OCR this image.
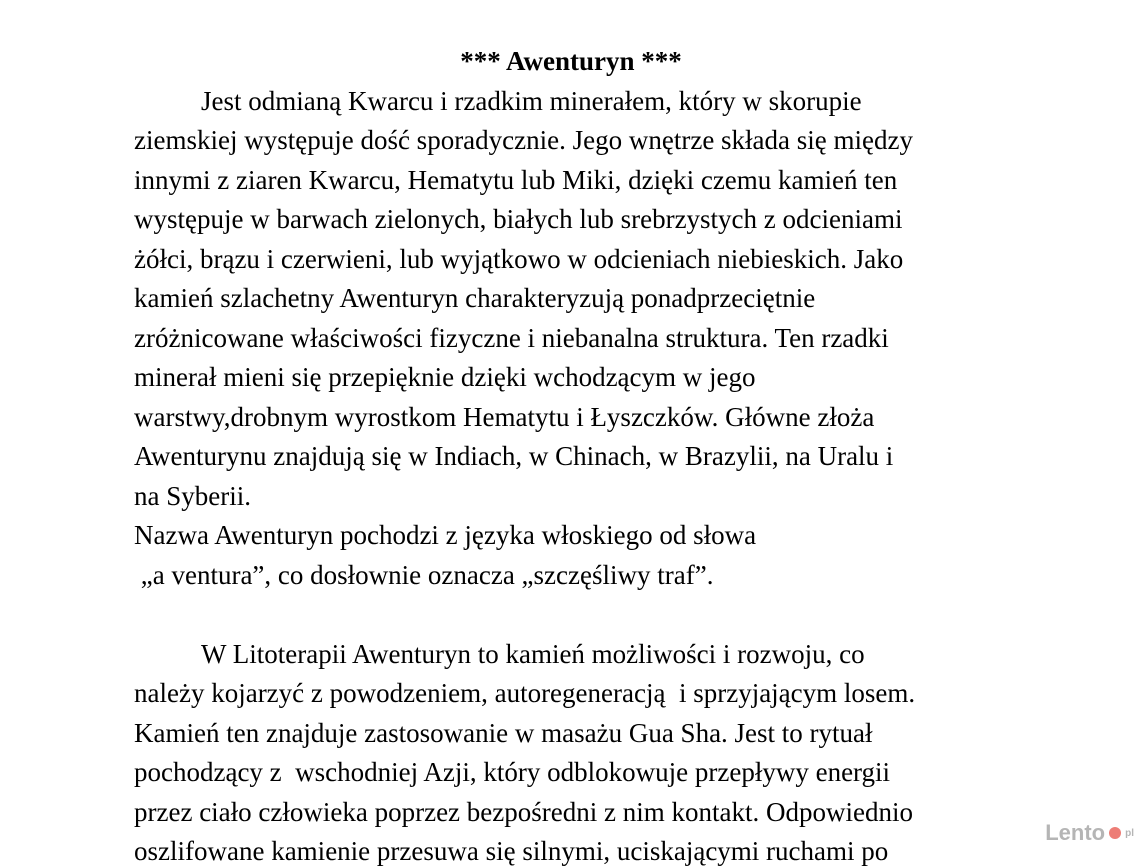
*** Awenturyn ***
Jest odmianą Kwarcu i rzadkim minerałem, który w skorupie
ziemskiej występuje dość sporadycznie. Jego wnętrze składa się między
innymi z ziaren Kwarcu, Hematytu lub Miki, dzięki czemu kamień ten
występuje w barwach zielonych, białych lub srebrzystych z odcieniami
żółci, brązu i czerwieni, lub wyjątkowo w odcieniach niebieskich. Jako
kamień szlachetny Awenturyn charakteryzują ponadprzeciętnie
zróżnicowane właściwości fizyczne i niebanalna struktura. Ten rzadki
minerał mieni się przepięknie dzięki wchodzącym w jego
warstwy,drobnym wyrostkom Hematytu i Łyszczków. Główne złoża
Awenturynu znajdują się w Indiach, w Chinach, w Brazylii, na Uralu i
na Syberii.
Nazwa Awenturyn pochodzi z języka włoskiego od słowa
„a ventura”, co dosłownie oznacza „szczęśliwy traf”.
W Litoterapii Awenturyn to kamień możliwości i rozwoju, co
należy kojarzyć z powodzeniem, autoregeneracją  i sprzyjającym losem.
Kamień ten znajduje zastosowanie w masażu Gua Sha. Jest to rytuał
pochodzący z  wschodniej Azji, który odblokowuje przepływy energii
przez ciało człowieka poprzez bezpośredni z nim kontakt. Odpowiednio
oszlifowane kamienie przesuwa się silnymi, uciskającymi ruchami po
Lento pl
